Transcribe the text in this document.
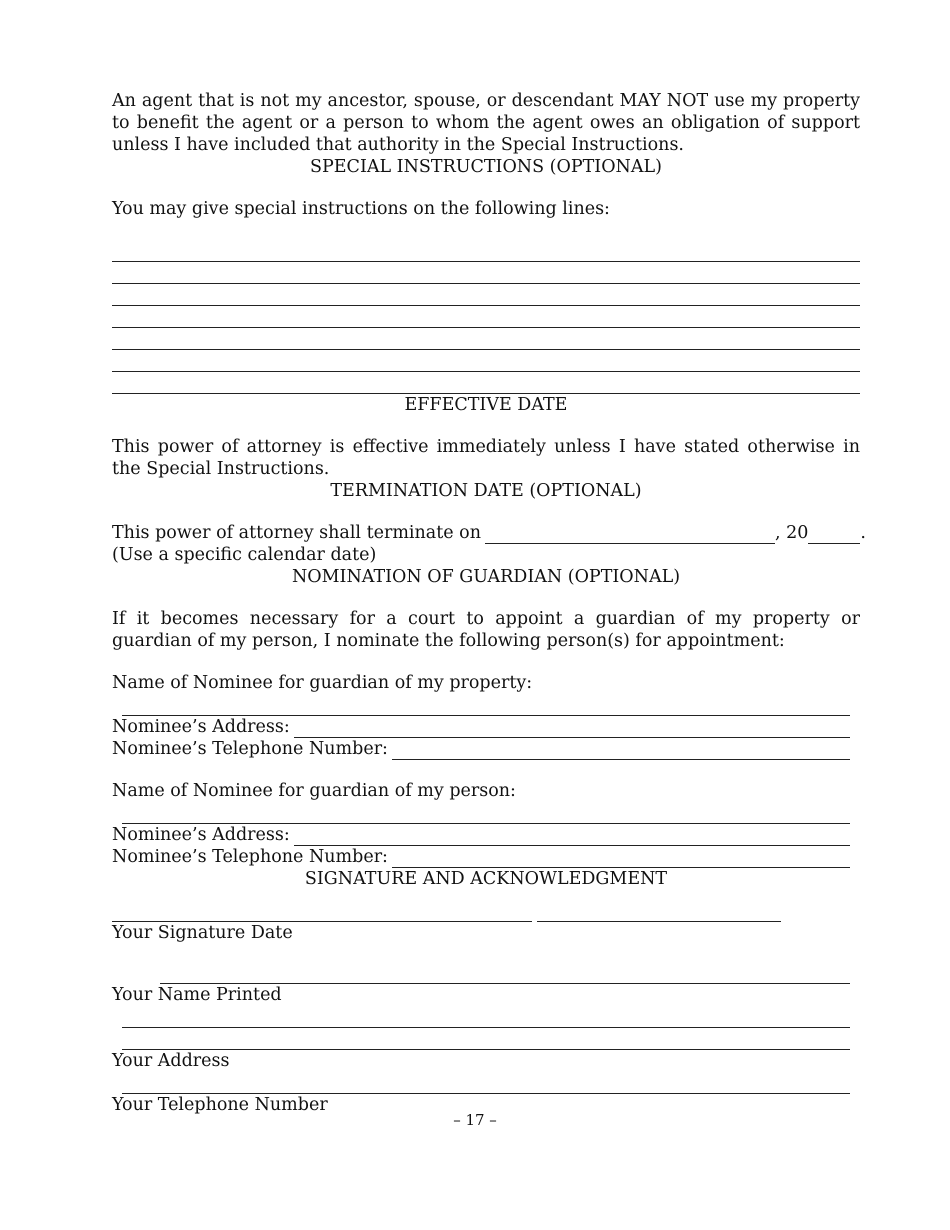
An agent that is not my ancestor, spouse, or descendant MAY NOT use my property to benefit the agent or a person to whom the agent owes an obligation of support unless I have included that authority in the Special Instructions.

SPECIAL INSTRUCTIONS (OPTIONAL)

You may give special instructions on the following lines:

EFFECTIVE DATE

This power of attorney is effective immediately unless I have stated otherwise in the Special Instructions.

TERMINATION DATE (OPTIONAL)
This power of attorney shall terminate on	, 20	.

(Use a specific calendar date)

NOMINATION OF GUARDIAN (OPTIONAL)

If it becomes necessary for a court to appoint a guardian of my property or guardian of my person, I nominate the following person(s) for appointment:

Name of Nominee for guardian of my property:

Nominee’s Address:
Nominee’s Telephone Number:

Name of Nominee for guardian of my person:

Nominee’s Address:
Nominee’s Telephone Number:
SIGNATURE AND ACKNOWLEDGMENT

Your Signature Date

Your Name Printed

Your Address

Your Telephone Number

– 17 –
